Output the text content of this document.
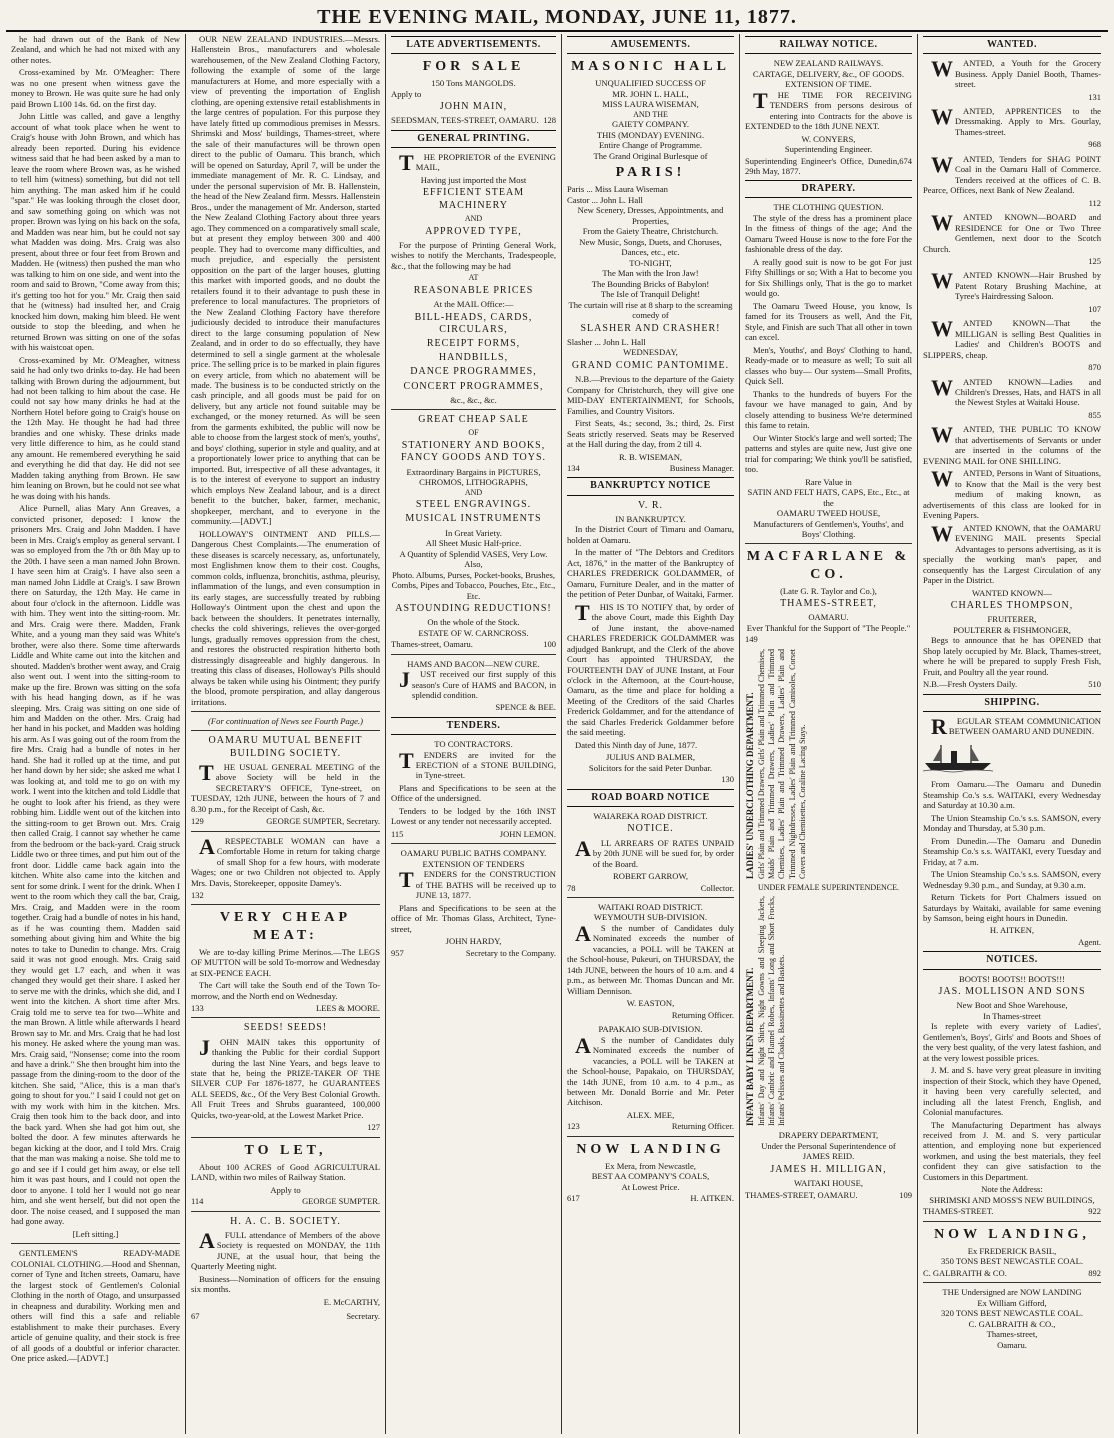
THE EVENING MAIL,
MONDAY, JUNE 11, 1877.

he had drawn out of the Bank of New Zealand, and which he had not mixed with any other notes.

Cross-examined by Mr. O'Meagher: There was no one present when witness gave the money to Brown. He was quite sure he had only paid Brown L100 14s. 6d. on the first day.

John Little was called, and gave a lengthy account of what took place when he went to Craig's house with John Brown, and which has already been reported. During his evidence witness said that he had been asked by a man to leave the room where Brown was, as he wished to tell him (witness) something, but did not tell him anything. The man asked him if he could "spar." He was looking through the closet door, and saw something going on which was not proper. Brown was lying on his back on the sofa, and Madden was near him, but he could not say what Madden was doing. Mrs. Craig was also present, about three or four feet from Brown and Madden. He (witness) then pushed the man who was talking to him on one side, and went into the room and said to Brown, "Come away from this; it's getting too hot for you." Mr. Craig then said that he (witness) had insulted her, and Craig knocked him down, making him bleed. He went outside to stop the bleeding, and when he returned Brown was sitting on one of the sofas with his waistcoat open.

Cross-examined by Mr. O'Meagher, witness said he had only two drinks to-day. He had been talking with Brown during the adjournment, but had not been talking to him about the case. He could not say how many drinks he had at the Northern Hotel before going to Craig's house on the 12th May. He thought he had had three brandies and one whisky. These drinks made very little difference to him, as he could stand any amount. He remembered everything he said and everything he did that day. He did not see Madden taking anything from Brown. He saw him leaning on Brown, but he could not see what he was doing with his hands.

Alice Purnell, alias Mary Ann Greaves, a convicted prisoner, deposed: I know the prisoners Mrs. Craig and John Madden. I have been in Mrs. Craig's employ as general servant. I was so employed from the 7th or 8th May up to the 20th. I have seen a man named John Brown. I have seen him at Craig's. I have also seen a man named John Liddle at Craig's. I saw Brown there on Saturday, the 12th May. He came in about four o'clock in the afternoon. Liddle was with him. They went into the sitting-room. Mr. and Mrs. Craig were there. Madden, Frank White, and a young man they said was White's brother, were also there. Some time afterwards Liddle and White came out into the kitchen and shouted. Madden's brother went away, and Craig also went out. I went into the sitting-room to make up the fire. Brown was sitting on the sofa with his head hanging down, as if he was sleeping. Mrs. Craig was sitting on one side of him and Madden on the other. Mrs. Craig had her hand in his pocket, and Madden was holding his arm. As I was going out of the room from the fire Mrs. Craig had a bundle of notes in her hand. She had it rolled up at the time, and put her hand down by her side; she asked me what I was looking at, and told me to go on with my work. I went into the kitchen and told Liddle that he ought to look after his friend, as they were robbing him. Liddle went out of the kitchen into the sitting-room to get Brown out. Mrs. Craig then called Craig. I cannot say whether he came from the bedroom or the back-yard. Craig struck Liddle two or three times, and put him out of the front door. Liddle came back again into the kitchen. White also came into the kitchen and sent for some drink. I went for the drink. When I went to the room which they call the bar, Craig, Mrs. Craig, and Madden were in the room together. Craig had a bundle of notes in his hand, as if he was counting them. Madden said something about giving him and White the big notes to take to Dunedin to change. Mrs. Craig said it was not good enough. Mrs. Craig said they would get L7 each, and when it was changed they would get their share. I asked her to serve me with the drinks, which she did, and I went into the kitchen. A short time after Mrs. Craig told me to serve tea for two—White and the man Brown. A little while afterwards I heard Brown say to Mr. and Mrs. Craig that he had lost his money. He asked where the young man was. Mrs. Craig said, "Nonsense; come into the room and have a drink." She then brought him into the passage from the dining-room to the door of the kitchen. She said, "Alice, this is a man that's going to shout for you." I said I could not get on with my work with him in the kitchen. Mrs. Craig then took him to the back door, and into the back yard. When she had got him out, she bolted the door. A few minutes afterwards he began kicking at the door, and I told Mrs. Craig that the man was making a noise. She told me to go and see if I could get him away, or else tell him it was past hours, and I could not open the door to anyone. I told her I would not go near him, and she went herself, but did not open the door. The noise ceased, and I supposed the man had gone away.

[Left sitting.]

GENTLEMEN'S READY-MADE COLONIAL CLOTHING.—Hood and Shennan, corner of Tyne and Itchen streets, Oamaru, have the largest stock of Gentlemen's Colonial Clothing in the north of Otago, and unsurpassed in cheapness and durability. Working men and others will find this a safe and reliable establishment to make their purchases. Every article of genuine quality, and their stock is free of all goods of a doubtful or inferior character. One price asked.—[ADVT.]

OUR NEW ZEALAND INDUSTRIES.—Messrs. Hallenstein Bros., manufacturers and wholesale warehousemen, of the New Zealand Clothing Factory, following the example of some of the large manufacturers at Home, and more especially with a view of preventing the importation of English clothing, are opening extensive retail establishments in the large centres of population. For this purpose they have lately fitted up commodious premises in Messrs. Shrimski and Moss' buildings, Thames-street, where the sale of their manufactures will be thrown open direct to the public of Oamaru. This branch, which will be opened on Saturday, April 7, will be under the immediate management of Mr. R. C. Lindsay, and under the personal supervision of Mr. B. Hallenstein, the head of the New Zealand firm. Messrs. Hallenstein Bros., under the management of Mr. Anderson, started the New Zealand Clothing Factory about three years ago. They commenced on a comparatively small scale, but at present they employ between 300 and 400 people. They had to overcome many difficulties, and much prejudice, and especially the persistent opposition on the part of the larger houses, glutting this market with imported goods, and no doubt the retailers found it to their advantage to push these in preference to local manufactures. The proprietors of the New Zealand Clothing Factory have therefore judiciously decided to introduce their manufactures direct to the large consuming population of New Zealand, and in order to do so effectually, they have determined to sell a single garment at the wholesale price. The selling price is to be marked in plain figures on every article, from which no abatement will be made. The business is to be conducted strictly on the cash principle, and all goods must be paid for on delivery, but any article not found suitable may be exchanged, or the money returned. As will be seen from the garments exhibited, the public will now be able to choose from the largest stock of men's, youths', and boys' clothing, superior in style and quality, and at a proportionately lower price to anything that can be imported. But, irrespective of all these advantages, it is to the interest of everyone to support an industry which employs New Zealand labour, and is a direct benefit to the butcher, baker, farmer, mechanic, shopkeeper, merchant, and to everyone in the community.—[ADVT.]

HOLLOWAY'S OINTMENT AND PILLS.—Dangerous Chest Complaints.—The enumeration of these diseases is scarcely necessary, as, unfortunately, most Englishmen know them to their cost. Coughs, common colds, influenza, bronchitis, asthma, pleurisy, inflammation of the lungs, and even consumption in its early stages, are successfully treated by rubbing Holloway's Ointment upon the chest and upon the back between the shoulders. It penetrates internally, checks the cold shiverings, relieves the over-gorged lungs, gradually removes oppression from the chest, and restores the obstructed respiration hitherto both distressingly disagreeable and highly dangerous. In treating this class of diseases, Holloway's Pills should always be taken while using his Ointment; they purify the blood, promote perspiration, and allay dangerous irritations.

(For continuation of News see Fourth Page.)
OAMARU MUTUAL BENEFIT BUILDING SOCIETY.

THE USUAL GENERAL MEETING of the above Society will be held in the SECRETARY'S OFFICE, Tyne-street, on TUESDAY, 12th JUNE, between the hours of 7 and 8.30 p.m., for the Receipt of Cash, &c.

129	GEORGE SUMPTER, Secretary.

ARESPECTABLE WOMAN can have a Comfortable Home in return for taking charge of small Shop for a few hours, with moderate Wages; one or two Children not objected to. Apply Mrs. Davis, Storekeeper, opposite Damey's.

132
VERY CHEAP MEAT:

We are to-day killing Prime Merinos.—The LEGS OF MUTTON will be sold To-morrow and Wednesday at SIX-PENCE EACH.

The Cart will take the South end of the Town To-morrow, and the North end on Wednesday.

133	LEES & MOORE.
SEEDS! SEEDS!

JOHN MAIN takes this opportunity of thanking the Public for their cordial Support during the last Nine Years, and begs leave to state that he, being the PRIZE-TAKER OF THE SILVER CUP For 1876-1877, he GUARANTEES ALL SEEDS, &c., Of the Very Best Colonial Growth. All Fruit Trees and Shrubs guaranteed, 100,000 Quicks, two-year-old, at the Lowest Market Price.

127
TO LET,

About 100 ACRES of Good AGRICULTURAL LAND, within two miles of Railway Station.

Apply to
114	GEORGE SUMPTER.
H. A. C. B. SOCIETY.

AFULL attendance of Members of the above Society is requested on MONDAY, the 11th JUNE, at the usual hour, that being the Quarterly Meeting night.

Business—Nomination of officers for the ensuing six months.

E. McCARTHY,
67	Secretary.
LATE ADVERTISEMENTS.
FOR SALE
150 Tons MANGOLDS.
Apply to
JOHN MAIN,
SEEDSMAN, TEES-STREET, OAMARU. 128
GENERAL PRINTING.

THE PROPRIETOR of the EVENING MAIL,

Having just imported the Most
EFFICIENT STEAM MACHINERY
AND
APPROVED TYPE,

For the purpose of Printing General Work, wishes to notify the Merchants, Tradespeople, &c., that the following may be had

AT
REASONABLE PRICES
At the MAIL Office:—
BILL-HEADS, CARDS, CIRCULARS,
RECEIPT FORMS,
HANDBILLS,
DANCE PROGRAMMES,
CONCERT PROGRAMMES,
&c., &c., &c.
GREAT CHEAP SALE
OF
STATIONERY AND BOOKS, FANCY GOODS AND TOYS.
Extraordinary Bargains in PICTURES, CHROMOS, LITHOGRAPHS,
AND
STEEL ENGRAVINGS.
MUSICAL INSTRUMENTS
In Great Variety.
All Sheet Music Half-price.
A Quantity of Splendid VASES, Very Low.
Also,
Photo. Albums, Purses, Pocket-books, Brushes, Combs, Pipes and Tobacco, Pouches, Etc., Etc., Etc.
ASTOUNDING REDUCTIONS!
On the whole of the Stock.
ESTATE OF W. CARNCROSS.
Thames-street, Oamaru.	100
HAMS AND BACON—NEW CURE.

JUST received our first supply of this season's Cure of HAMS and BACON, in splendid condition.

SPENCE & BEE.
TENDERS.
TO CONTRACTORS.

TENDERS are invited for the ERECTION of a STONE BUILDING, in Tyne-street.

Plans and Specifications to be seen at the Office of the undersigned.

Tenders to be lodged by the 16th INST Lowest or any tender not necessarily accepted.

115	JOHN LEMON.
OAMARU PUBLIC BATHS COMPANY.
EXTENSION OF TENDERS

TENDERS for the CONSTRUCTION of THE BATHS will be received up to JUNE 13, 1877.

Plans and Specifications to be seen at the office of Mr. Thomas Glass, Architect, Tyne-street,

JOHN HARDY,
957	Secretary to the Company.
AMUSEMENTS.
MASONIC HALL
UNQUALIFIED SUCCESS OF
MR. JOHN L. HALL,
MISS LAURA WISEMAN,
AND THE
GAIETY COMPANY.
THIS (MONDAY) EVENING.
Entire Change of Programme.
The Grand Original Burlesque of
PARIS!
Paris ... Miss Laura Wiseman
Castor ... John L. Hall
New Scenery, Dresses, Appointments, and Properties,
From the Gaiety Theatre, Christchurch.
New Music, Songs, Duets, and Choruses, Dances, etc., etc.
TO-NIGHT,
The Man with the Iron Jaw!
The Bounding Bricks of Babylon!
The Isle of Tranquil Delight!
The curtain will rise at 8 sharp to the screaming comedy of
SLASHER AND CRASHER!
Slasher ... John L. Hall
WEDNESDAY,
GRAND COMIC PANTOMIME.

N.B.—Previous to the departure of the Gaiety Company for Christchurch, they will give one MID-DAY ENTERTAINMENT, for Schools, Families, and Country Visitors.

First Seats, 4s.; second, 3s.; third, 2s. First Seats strictly reserved. Seats may be Reserved at the Hall during the day, from 2 till 4.

R. B. WISEMAN,
134	Business Manager.
BANKRUPTCY NOTICE
V. R.
IN BANKRUPTCY.

In the District Court of Timaru and Oamaru, holden at Oamaru.

In the matter of "The Debtors and Creditors Act, 1876," in the matter of the Bankruptcy of CHARLES FREDERICK GOLDAMMER, of Oamaru, Furniture Dealer, and in the matter of the petition of Peter Dunbar, of Waitaki, Farmer.

THIS IS TO NOTIFY that, by order of the above Court, made this Eighth Day of June instant, the above-named CHARLES FREDERICK GOLDAMMER was adjudged Bankrupt, and the Clerk of the above Court has appointed THURSDAY, the FOURTEENTH DAY of JUNE Instant, at Four o'clock in the Afternoon, at the Court-house, Oamaru, as the time and place for holding a Meeting of the Creditors of the said Charles Frederick Goldammer, and for the attendance of the said Charles Frederick Goldammer before the said meeting.

Dated this Ninth day of June, 1877.

JULIUS AND BALMER,
Solicitors for the said Peter Dunbar.
130
ROAD BOARD NOTICE
WAIAREKA ROAD DISTRICT.
NOTICE.

ALL ARREARS OF RATES UNPAID by 20th JUNE will be sued for, by order of the Board.

ROBERT GARROW,
78	Collector.
WAITAKI ROAD DISTRICT.
WEYMOUTH SUB-DIVISION.

AS the number of Candidates duly Nominated exceeds the number of vacancies, a POLL will be TAKEN at the School-house, Pukeuri, on THURSDAY, the 14th JUNE, between the hours of 10 a.m. and 4 p.m., as between Mr. Thomas Duncan and Mr. William Dennison.

W. EASTON,
Returning Officer.
PAPAKAIO SUB-DIVISION.

AS the number of Candidates duly Nominated exceeds the number of vacancies, a POLL will be TAKEN at the School-house, Papakaio, on THURSDAY, the 14th JUNE, from 10 a.m. to 4 p.m., as between Mr. Donald Borrie and Mr. Peter Aitchison.

ALEX. MEE,
123	Returning Officer.
NOW LANDING
Ex Mera, from Newcastle,
BEST AA COMPANY'S COALS,
At Lowest Price.
617	H. AITKEN.
RAILWAY NOTICE.
NEW ZEALAND RAILWAYS.
CARTAGE, DELIVERY, &c., OF GOODS.
EXTENSION OF TIME.

THE TIME FOR RECEIVING TENDERS from persons desirous of entering into Contracts for the above is EXTENDED to the 18th JUNE NEXT.

W. CONYERS,
Superintending Engineer.
Superintending Engineer's Office, Dunedin, 29th May, 1877.
674
DRAPERY.
THE CLOTHING QUESTION.

The style of the dress has a prominent place In the fitness of things of the age; And the Oamaru Tweed House is now to the fore For the fashionable dress of the day.

A really good suit is now to be got For just Fifty Shillings or so; With a Hat to become you for Six Shillings only, That is the go to market would go.

The Oamaru Tweed House, you know, Is famed for its Trousers as well, And the Fit, Style, and Finish are such That all other in town can excel.

Men's, Youths', and Boys' Clothing to hand, Ready-made or to measure as well; To suit all classes who buy— Our system—Small Profits, Quick Sell.

Thanks to the hundreds of buyers For the favour we have managed to gain, And by closely attending to business We're determined this fame to retain.

Our Winter Stock's large and well sorted; The patterns and styles are quite new, Just give one trial for comparing; We think you'll be satisfied, too.

Rare Value in
SATIN AND FELT HATS, CAPS, Etc., Etc., at the
OAMARU TWEED HOUSE,
Manufacturers of Gentlemen's, Youths', and Boys' Clothing.
MACFARLANE & CO.
(Late G. R. Taylor and Co.),
THAMES-STREET,
OAMARU.
Ever Thankful for the Support of "The People."
149
LADIES' UNDERCLOTHING DEPARTMENT. Girls' Plain and Trimmed Drawers, Girls' Plain and Trimmed Chemises, Maids' Plain and Trimmed Drawers, Ladies' Plain and Trimmed Chemises, Ladies' Plain and Trimmed Drawers, Ladies' Plain and Trimmed Nightdresses, Ladies' Plain and Trimmed Camisoles, Corset Covers and Chemisettes, Coraline Lacing Stays.
UNDER FEMALE SUPERINTENDENCE.
INFANT BABY LINEN DEPARTMENT. Infants' Day and Night Shirts, Night Gowns and Sleeping Jackets, Infants' Cambric and Flannel Robes, Infants' Long and Short Frocks, Infants' Pelisses and Cloaks, Bassinettes and Baskets.
DRAPERY DEPARTMENT,
Under the Personal Superintendence of
JAMES REID.
JAMES H. MILLIGAN,
WAITAKI HOUSE,
THAMES-STREET, OAMARU.	109
WANTED.

WANTED, a Youth for the Grocery Business. Apply Daniel Booth, Thames-street.

131

WANTED, APPRENTICES to the Dressmaking. Apply to Mrs. Gourlay, Thames-street.

968

WANTED, Tenders for SHAG POINT Coal in the Oamaru Hall of Commerce. Tenders received at the offices of C. B. Pearce, Offices, next Bank of New Zealand.

112

WANTED KNOWN—BOARD and RESIDENCE for One or Two Three Gentlemen, next door to the Scotch Church.

125

WANTED KNOWN—Hair Brushed by Patent Rotary Brushing Machine, at Tyree's Hairdressing Saloon.

107

WANTED KNOWN—That the MILLIGAN is selling Best Qualities in Ladies' and Children's BOOTS and SLIPPERS, cheap.

870

WANTED KNOWN—Ladies and Children's Dresses, Hats, and HATS in all the Newest Styles at Waitaki House.

855

WANTED, THE PUBLIC TO KNOW that advertisements of Servants or under are inserted in the columns of the EVENING MAIL for ONE SHILLING.

WANTED, Persons in Want of Situations, to Know that the Mail is the very best medium of making known, as advertisements of this class are looked for in Evening Papers.

WANTED KNOWN, that the OAMARU EVENING MAIL presents Special Advantages to persons advertising, as it is specially the working man's paper, and consequently has the Largest Circulation of any Paper in the District.

WANTED KNOWN—
CHARLES THOMPSON,
FRUITERER,
POULTERER & FISHMONGER,

Begs to announce that he has OPENED that Shop lately occupied by Mr. Black, Thames-street, where he will be prepared to supply Fresh Fish, Fruit, and Poultry all the year round.

N.B.—Fresh Oysters Daily.	510
SHIPPING.

REGULAR STEAM COMMUNICATION BETWEEN OAMARU AND DUNEDIN.

From Oamaru.—The Oamaru and Dunedin Steamship Co.'s s.s. WAITAKI, every Wednesday and Saturday at 10.30 a.m.

The Union Steamship Co.'s s.s. SAMSON, every Monday and Thursday, at 5.30 p.m.

From Dunedin.—The Oamaru and Dunedin Steamship Co.'s s.s. WAITAKI, every Tuesday and Friday, at 7 a.m.

The Union Steamship Co.'s s.s. SAMSON, every Wednesday 9.30 p.m., and Sunday, at 9.30 a.m.

Return Tickets for Port Chalmers issued on Saturdays by Waitaki, available for same evening by Samson, being eight hours in Dunedin.

H. AITKEN,
Agent.
NOTICES.
BOOTS! BOOTS!! BOOTS!!!
JAS. MOLLISON AND SONS
New Boot and Shoe Warehouse,
In Thames-street

Is replete with every variety of Ladies', Gentlemen's, Boys', Girls' and Boots and Shoes of the very best quality, of the very latest fashion, and at the very lowest possible prices.

J. M. and S. have very great pleasure in inviting inspection of their Stock, which they have Opened, it having been very carefully selected, and including all the latest French, English, and Colonial manufactures.

The Manufacturing Department has always received from J. M. and S. very particular attention, and employing none but experienced workmen, and using the best materials, they feel confident they can give satisfaction to the Customers in this Department.

Note the Address:
SHRIMSKI AND MOSS'S NEW BUILDINGS,
THAMES-STREET.	922
NOW LANDING,
Ex FREDERICK BASIL,
350 TONS BEST NEWCASTLE COAL.
C. GALBRAITH & CO.	892
THE Undersigned are NOW LANDING
Ex William Gifford,
320 TONS BEST NEWCASTLE COAL.
C. GALBRAITH & CO.,
Thames-street,
Oamaru.
